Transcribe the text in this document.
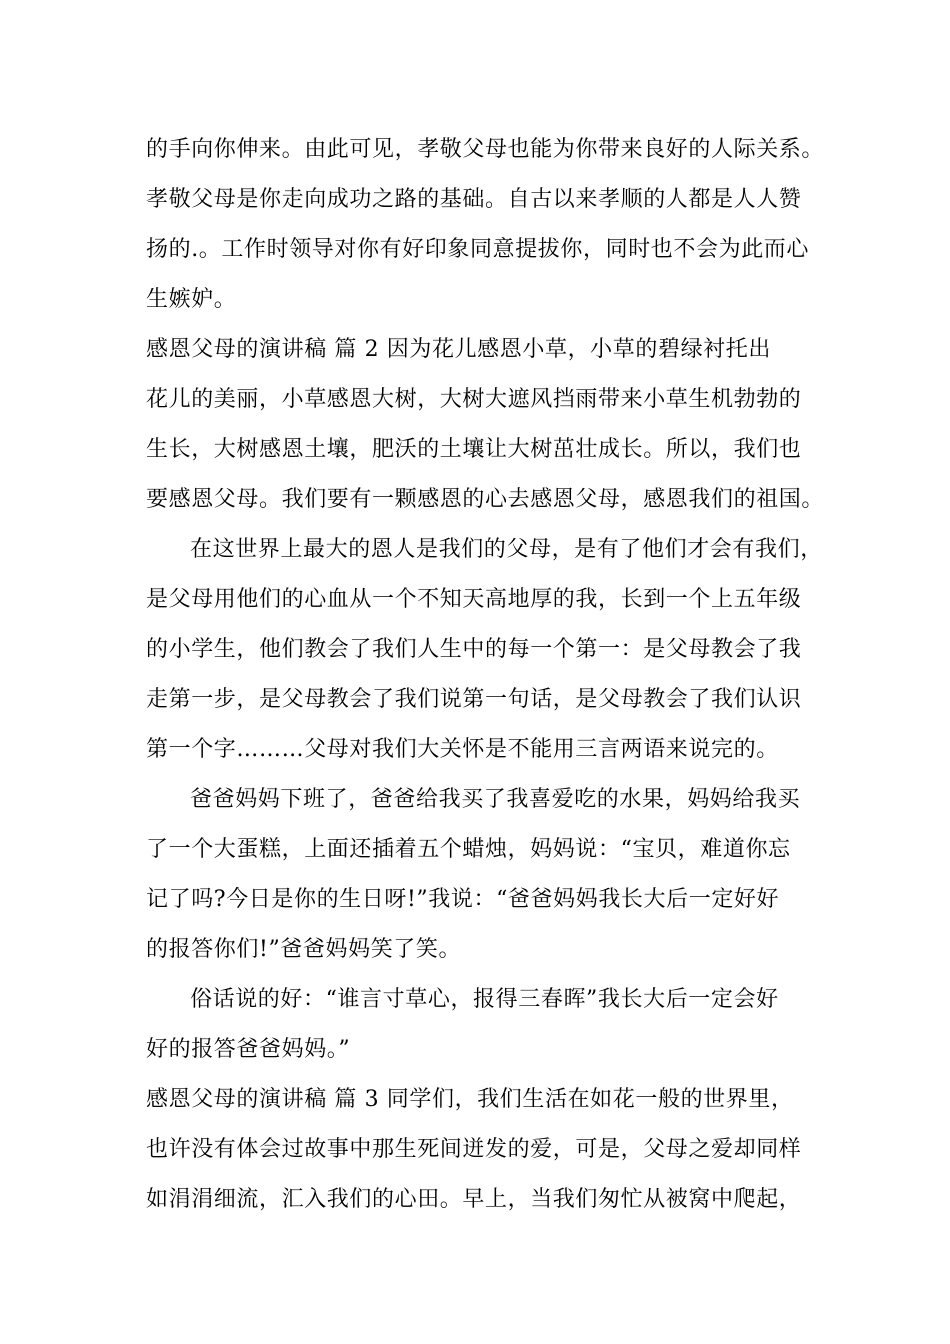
的手向你伸来。由此可见，孝敬父母也能为你带来良好的人际关系。
孝敬父母是你走向成功之路的基础。自古以来孝顺的人都是人人赞
扬的.。工作时领导对你有好印象同意提拔你，同时也不会为此而心
生嫉妒。
感恩父母的演讲稿 篇 2 因为花儿感恩小草，小草的碧绿衬托出
花儿的美丽，小草感恩大树，大树大遮风挡雨带来小草生机勃勃的
生长，大树感恩土壤，肥沃的土壤让大树茁壮成长。所以，我们也
要感恩父母。我们要有一颗感恩的心去感恩父母，感恩我们的祖国。
在这世界上最大的恩人是我们的父母，是有了他们才会有我们，
是父母用他们的心血从一个不知天高地厚的我，长到一个上五年级
的小学生，他们教会了我们人生中的每一个第一：是父母教会了我
走第一步，是父母教会了我们说第一句话，是父母教会了我们认识
第一个字………父母对我们大关怀是不能用三言两语来说完的。
爸爸妈妈下班了，爸爸给我买了我喜爱吃的水果，妈妈给我买
了一个大蛋糕，上面还插着五个蜡烛，妈妈说：“宝贝，难道你忘
记了吗?今日是你的生日呀!”我说：“爸爸妈妈我长大后一定好好
的报答你们!”爸爸妈妈笑了笑。
俗话说的好：“谁言寸草心，报得三春晖”我长大后一定会好
好的报答爸爸妈妈。”
感恩父母的演讲稿 篇 3 同学们，我们生活在如花一般的世界里，
也许没有体会过故事中那生死间迸发的爱，可是，父母之爱却同样
如涓涓细流，汇入我们的心田。早上，当我们匆忙从被窝中爬起，
